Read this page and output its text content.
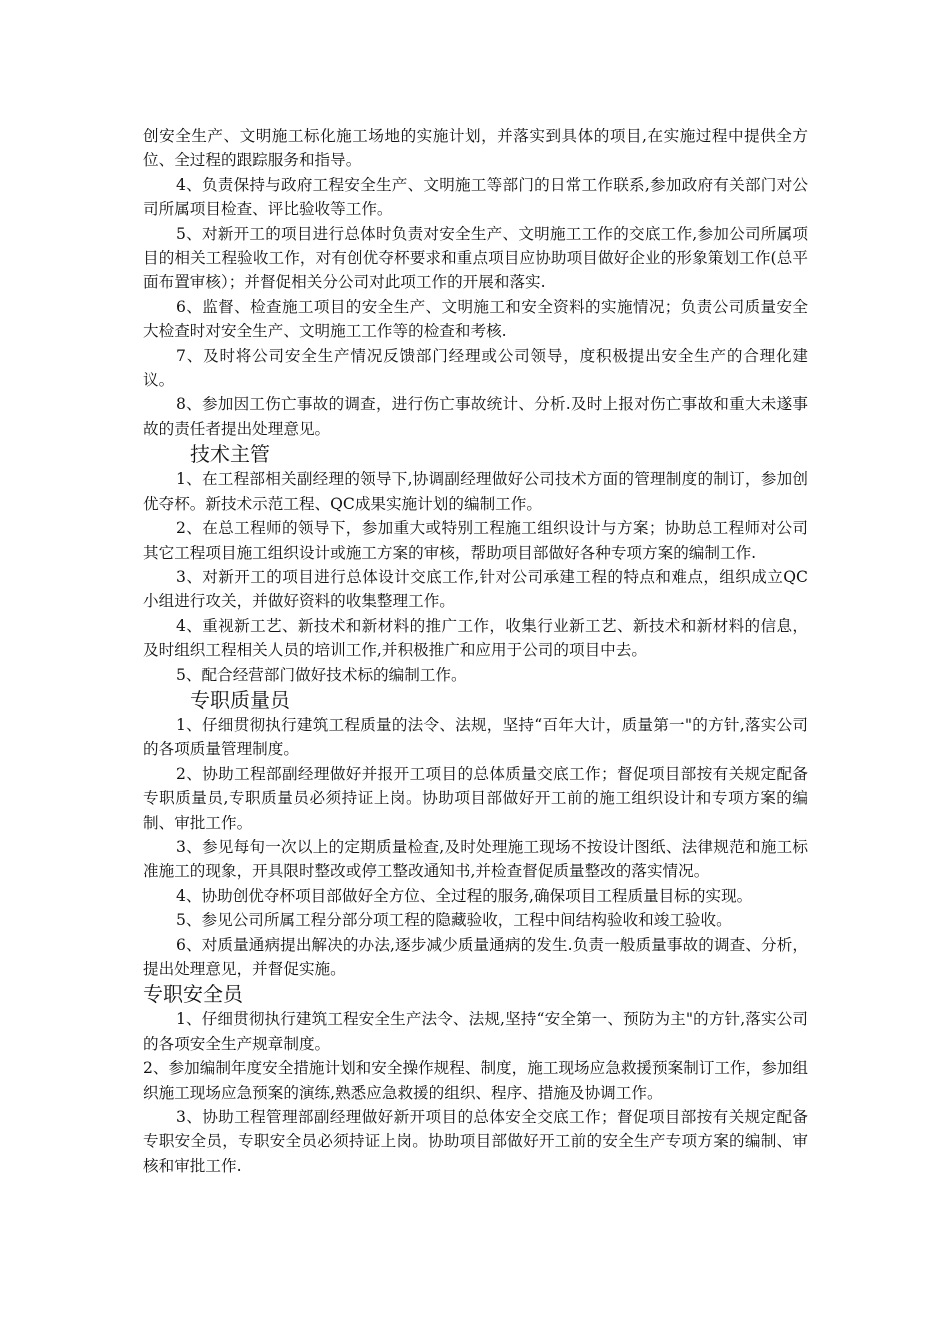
创安全生产、文明施工标化施工场地的实施计划，并落实到具体的项目,在实施过程中提供全方位、全过程的跟踪服务和指导。

4、负责保持与政府工程安全生产、文明施工等部门的日常工作联系,参加政府有关部门对公司所属项目检查、评比验收等工作。

5、对新开工的项目进行总体时负责对安全生产、文明施工工作的交底工作,参加公司所属项目的相关工程验收工作，对有创优夺杯要求和重点项目应协助项目做好企业的形象策划工作(总平面布置审核）；并督促相关分公司对此项工作的开展和落实.

6、监督、检查施工项目的安全生产、文明施工和安全资料的实施情况；负责公司质量安全大检查时对安全生产、文明施工工作等的检查和考核.

7、及时将公司安全生产情况反馈部门经理或公司领导，度积极提出安全生产的合理化建议。

8、参加因工伤亡事故的调查，进行伤亡事故统计、分析.及时上报对伤亡事故和重大未遂事故的责任者提出处理意见。

技术主管

1、在工程部相关副经理的领导下,协调副经理做好公司技术方面的管理制度的制订，参加创优夺杯。新技术示范工程、QC成果实施计划的编制工作。

2、在总工程师的领导下，参加重大或特别工程施工组织设计与方案；协助总工程师对公司其它工程项目施工组织设计或施工方案的审核，帮助项目部做好各种专项方案的编制工作.

3、对新开工的项目进行总体设计交底工作,针对公司承建工程的特点和难点，组织成立QC小组进行攻关，并做好资料的收集整理工作。

4、重视新工艺、新技术和新材料的推广工作，收集行业新工艺、新技术和新材料的信息，及时组织工程相关人员的培训工作,并积极推广和应用于公司的项目中去。

5、配合经营部门做好技术标的编制工作。

专职质量员

1、仔细贯彻执行建筑工程质量的法令、法规，坚持“百年大计，质量第一"的方针,落实公司的各项质量管理制度。

2、协助工程部副经理做好并报开工项目的总体质量交底工作；督促项目部按有关规定配备专职质量员,专职质量员必须持证上岗。协助项目部做好开工前的施工组织设计和专项方案的编制、审批工作。

3、参见每旬一次以上的定期质量检查,及时处理施工现场不按设计图纸、法律规范和施工标准施工的现象，开具限时整改或停工整改通知书,并检查督促质量整改的落实情况。

4、协助创优夺杯项目部做好全方位、全过程的服务,确保项目工程质量目标的实现。

5、参见公司所属工程分部分项工程的隐藏验收，工程中间结构验收和竣工验收。

6、对质量通病提出解决的办法,逐步减少质量通病的发生.负责一般质量事故的调查、分析，提出处理意见，并督促实施。

专职安全员

1、仔细贯彻执行建筑工程安全生产法令、法规,坚持“安全第一、预防为主"的方针,落实公司的各项安全生产规章制度。

2、参加编制年度安全措施计划和安全操作规程、制度，施工现场应急救援预案制订工作，参加组织施工现场应急预案的演练,熟悉应急救援的组织、程序、措施及协调工作。

3、协助工程管理部副经理做好新开项目的总体安全交底工作；督促项目部按有关规定配备专职安全员，专职安全员必须持证上岗。协助项目部做好开工前的安全生产专项方案的编制、审核和审批工作.
